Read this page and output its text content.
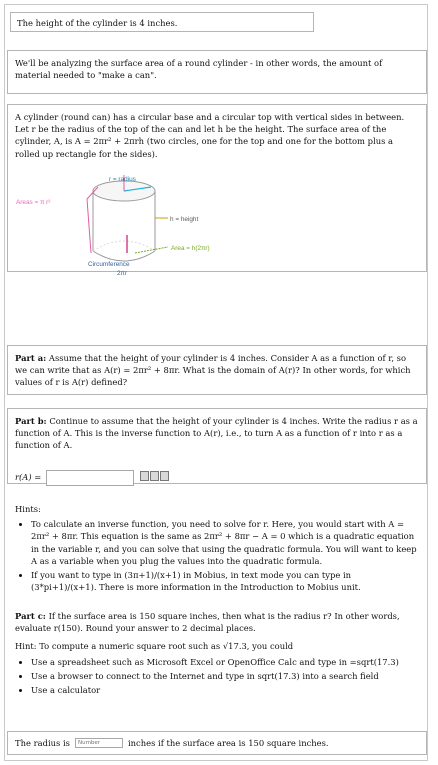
The height of the cylinder is 4 inches.

We'll be analyzing the surface area of a round cylinder - in other words, the amount of material needed to "make a can".

A cylinder (round can) has a circular base and a circular top with vertical sides in between. Let r be the radius of the top of the can and let h be the height. The surface area of the cylinder, A, is A = 2πr² + 2πrh (two circles, one for the top and one for the bottom plus a rolled up rectangle for the sides).

r = radius
Areas = π r²
h = height
Area = h(2πr)
Circumference
2πr

Part a: Assume that the height of your cylinder is 4 inches. Consider A as a function of r, so we can write that as A(r) = 2πr² + 8πr. What is the domain of A(r)? In other words, for which values of r is A(r) defined?

Part b: Continue to assume that the height of your cylinder is 4 inches. Write the radius r as a function of A. This is the inverse function to A(r), i.e., to turn A as a function of r into r as a function of A.

r(A) =

Hints:

• To calculate an inverse function, you need to solve for r. Here, you would start with A = 2πr² + 8πr. This equation is the same as 2πr² + 8πr − A = 0 which is a quadratic equation in the variable r, and you can solve that using the quadratic formula. You will want to keep A as a variable when you plug the values into the quadratic formula.
• If you want to type in (3π+1)/(x+1) in Mobius, in text mode you can type in (3*pi+1)/(x+1). There is more information in the Introduction to Mobius unit.

Part c: If the surface area is 150 square inches, then what is the radius r? In other words, evaluate r(150). Round your answer to 2 decimal places.

Hint: To compute a numeric square root such as √17.3, you could

• Use a spreadsheet such as Microsoft Excel or OpenOffice Calc and type in =sqrt(17.3)
• Use a browser to connect to the Internet and type in sqrt(17.3) into a search field
• Use a calculator
The radius is
Number	inches if the surface area is 150 square inches.
